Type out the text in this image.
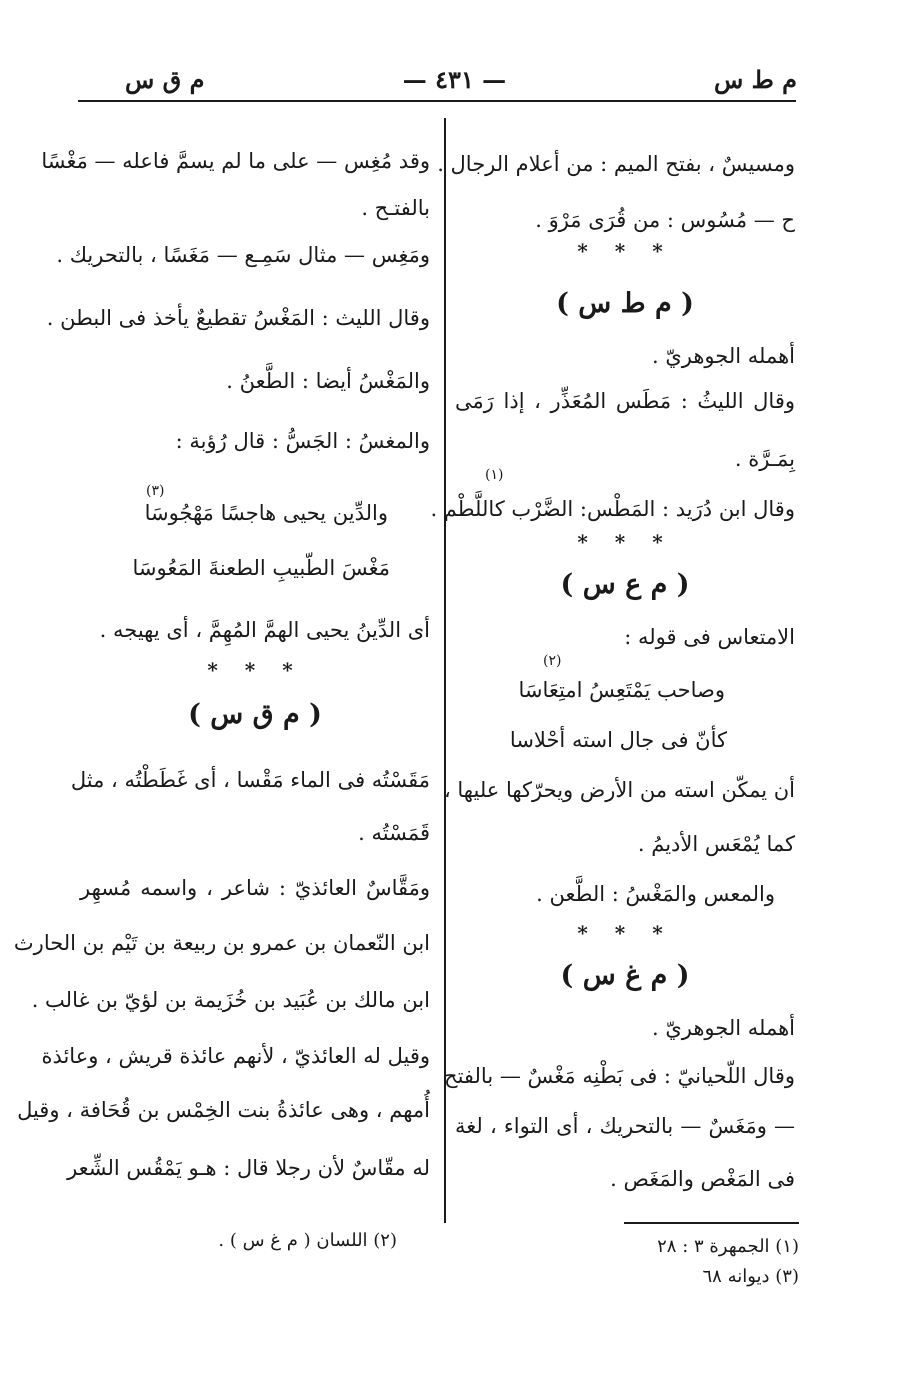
م ط س
— ٤٣١ —
م ق س
ومسيسٌ ، بفتح الميم : من أعلام الرجال .
ح — مُسُوس : من قُرَى مَرْوَ .
* * *
( م ط س )
أهمله الجوهريّ .
وقال الليثُ : مَطَس المُعَذِّر ، إذا رَمَى
بِمَـرَّة .
(١)
وقال ابن دُرَيد : المَطْس: الضَّرْب كاللَّطْم .
* * *
( م ع س )
الامتعاس فى قوله :
(٢)
وصاحب يَمْتَعِسُ امتِعَاسَا
كأنّ فى جال استه أحْلاسا
أن يمكّن استه من الأرض ويحرّكها عليها ،
كما يُمْعَس الأديمُ .
والمعس والمَغْسُ : الطَّعن .
* * *
( م غ س )
أهمله الجوهريّ .
وقال اللّحيانيّ : فى بَطْنِه مَغْسٌ — بالفتح
— ومَغَسٌ — بالتحريك ، أى التواء ، لغة
فى المَغْص والمَغَص .
وقد مُغِس — على ما لم يسمَّ فاعله — مَغْسًا
بالفتـح .
ومَغِس — مثال سَمِـع — مَغَسًا ، بالتحريك .
وقال الليث : المَغْسُ تقطيعٌ يأخذ فى البطن .
والمَغْسُ أيضا : الطَّعنُ .
والمغسُ : الجَسُّ : قال رُؤبة :
(٣)
والدِّين يحيى هاجسًا مَهْجُوسَا
مَغْسَ الطّبيبِ الطعنةَ المَعُوسَا
أى الدِّينُ يحيى الهمَّ المُهِمَّ ، أى يهيجه .
* * *
( م ق س )
مَقَسْتُه فى الماء مَقْسا ، أى غَطَطْتُه ، مثل
قَمَسْتُه .
ومَقَّاسٌ العائذيّ : شاعر ، واسمه مُسهِر
ابن النّعمان بن عمرو بن ربيعة بن تَيْم بن الحارث
ابن مالك بن عُبَيد بن خُزَيمة بن لؤيّ بن غالب .
وقيل له العائذيّ ، لأنهم عائذة قريش ، وعائذة
أُمهم ، وهى عائذةُ بنت الخِمْس بن قُحَافة ، وقيل
له مقّاسٌ لأن رجلا قال : هـو يَمْقُس الشِّعر
(١) الجمهرة ٣ : ٢٨
(٣) ديوانه ٦٨
(٢) اللسان ( م غ س ) .
